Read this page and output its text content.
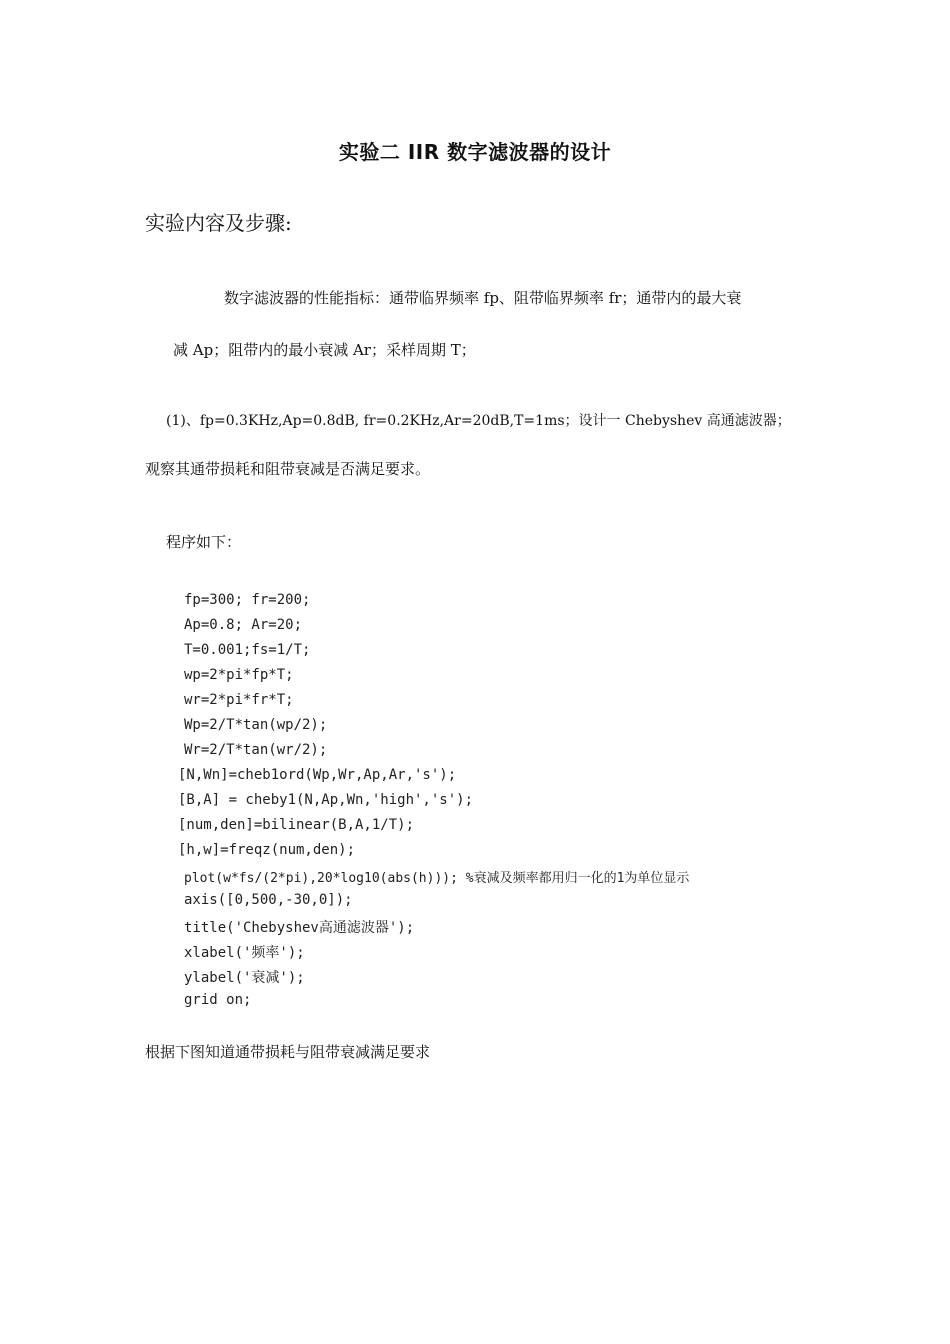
实验二 IIR 数字滤波器的设计
实验内容及步骤:
数字滤波器的性能指标：通带临界频率 fp、阻带临界频率 fr；通带内的最大衰
减 Ap；阻带内的最小衰减 Ar；采样周期 T；
(1)、fp=0.3KHz,Ap=0.8dB, fr=0.2KHz,Ar=20dB,T=1ms；设计一 Chebyshev 高通滤波器；
观察其通带损耗和阻带衰减是否满足要求。
程序如下：
fp=300; fr=200;
Ap=0.8; Ar=20;
T=0.001;fs=1/T;
wp=2*pi*fp*T;
wr=2*pi*fr*T;
Wp=2/T*tan(wp/2);
Wr=2/T*tan(wr/2);
[N,Wn]=cheb1ord(Wp,Wr,Ap,Ar,'s');
[B,A] = cheby1(N,Ap,Wn,'high','s');
[num,den]=bilinear(B,A,1/T);
[h,w]=freqz(num,den);
plot(w*fs/(2*pi),20*log10(abs(h))); %衰减及频率都用归一化的1为单位显示
axis([0,500,-30,0]);
title('Chebyshev高通滤波器');
xlabel('频率');
ylabel('衰减');
grid on;
根据下图知道通带损耗与阻带衰减满足要求
